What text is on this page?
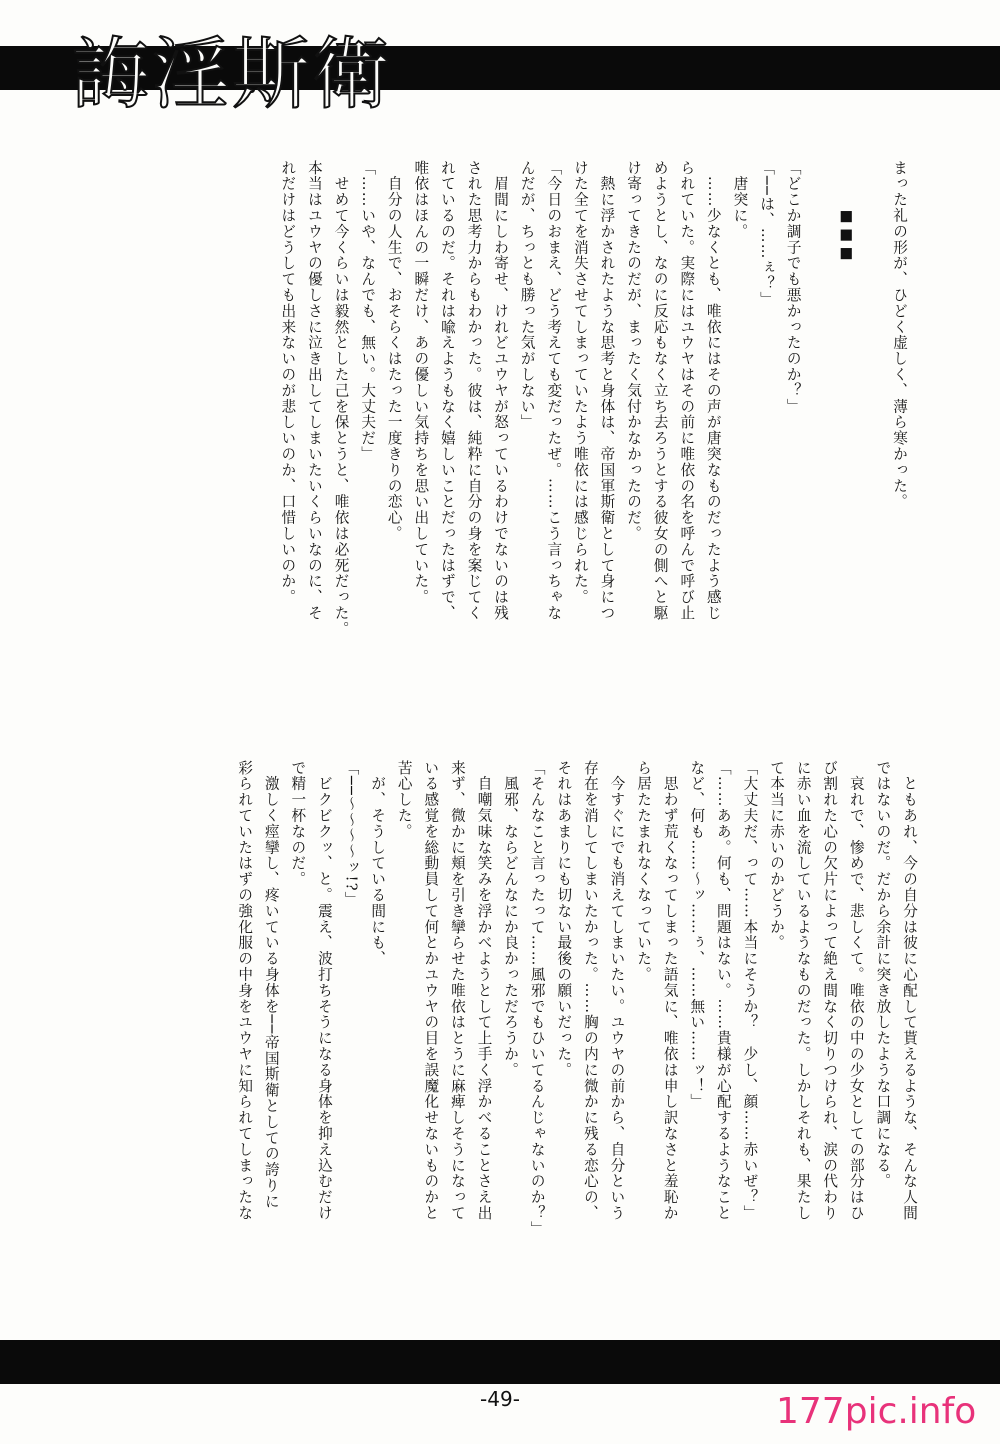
誨淫斯衛

まった礼の形が、ひどく虚しく、薄ら寒かった。

　　　■■■

「どこか調子でも悪かったのか？」

「──は、……ぇ？」

　唐突に。

　……少なくとも、唯依にはその声が唐突なものだったよう感じ

られていた。実際にはユウヤはその前に唯依の名を呼んで呼び止

めようとし、なのに反応もなく立ち去ろうとする彼女の側へと駆

け寄ってきたのだが、まったく気付かなかったのだ。

　熱に浮かされたような思考と身体は、帝国軍斯衛として身につ

けた全てを消失させてしまっていたよう唯依には感じられた。

「今日のおまえ、どう考えても変だったぜ。……こう言っちゃな

んだが、ちっとも勝った気がしない」

　眉間にしわ寄せ、けれどユウヤが怒っているわけでないのは残

された思考力からもわかった。彼は、純粋に自分の身を案じてく

れているのだ。それは喩えようもなく嬉しいことだったはずで、

唯依はほんの一瞬だけ、あの優しい気持ちを思い出していた。

　自分の人生で、おそらくはたった一度きりの恋心。

「……いや、なんでも、無い。大丈夫だ」

　せめて今くらいは毅然とした己を保とうと、唯依は必死だった。

本当はユウヤの優しさに泣き出してしまいたいくらいなのに、そ

れだけはどうしても出来ないのが悲しいのか、口惜しいのか。

　ともあれ、今の自分は彼に心配して貰えるような、そんな人間

ではないのだ。だから余計に突き放したような口調になる。

　哀れで、惨めで、悲しくて。唯依の中の少女としての部分はひ

び割れた心の欠片によって絶え間なく切りつけられ、涙の代わり

に赤い血を流しているようなものだった。しかしそれも、果たし

て本当に赤いのかどうか。

「大丈夫だ、って……本当にそうか？　少し、顔……赤いぜ？」

「……ああ。何も、問題はない。……貴様が心配するようなこと

など、何も……～ッ……ぅ、……無い……ッ！」

　思わず荒くなってしまった語気に、唯依は申し訳なさと羞恥か

ら居たたまれなくなっていた。

　今すぐにでも消えてしまいたい。ユウヤの前から、自分という

存在を消してしまいたかった。……胸の内に微かに残る恋心の、

それはあまりにも切ない最後の願いだった。

「そんなこと言ったって……風邪でもひいてるんじゃないのか？」

　風邪、ならどんなにか良かっただろうか。

　自嘲気味な笑みを浮かべようとして上手く浮かべることさえ出

来ず、微かに頬を引き攣らせた唯依はとうに麻痺しそうになって

いる感覚を総動員して何とかユウヤの目を誤魔化せないものかと

苦心した。

　が、そうしている間にも、

「──～～～～ッ!?」

　ビクビクッ、と。震え、波打ちそうになる身体を抑え込むだけ

で精一杯なのだ。

　激しく痙攣し、疼いている身体を──帝国斯衛としての誇りに

彩られていたはずの強化服の中身をユウヤに知られてしまったな

-49-	177pic.info
